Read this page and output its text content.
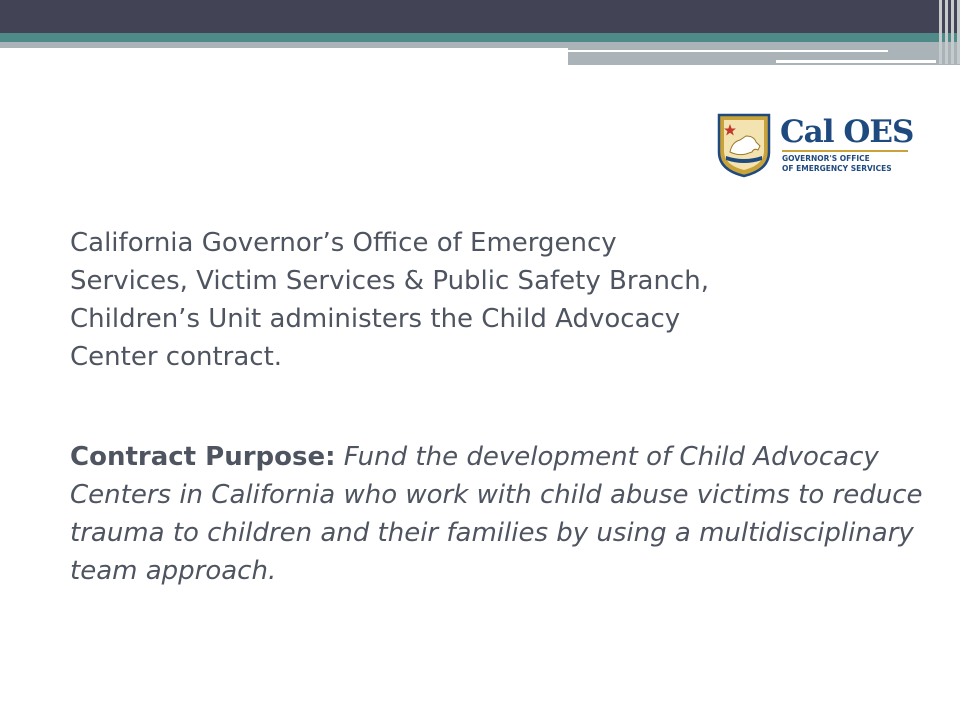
Cal OES
GOVERNOR'S OFFICE
OF EMERGENCY SERVICES

California Governor’s Office of Emergency Services, Victim Services & Public Safety Branch, Children’s Unit administers the Child Advocacy Center contract.

Contract Purpose: Fund the development of Child Advocacy Centers in California who work with child abuse victims to reduce trauma to children and their families by using a multidisciplinary team approach.
